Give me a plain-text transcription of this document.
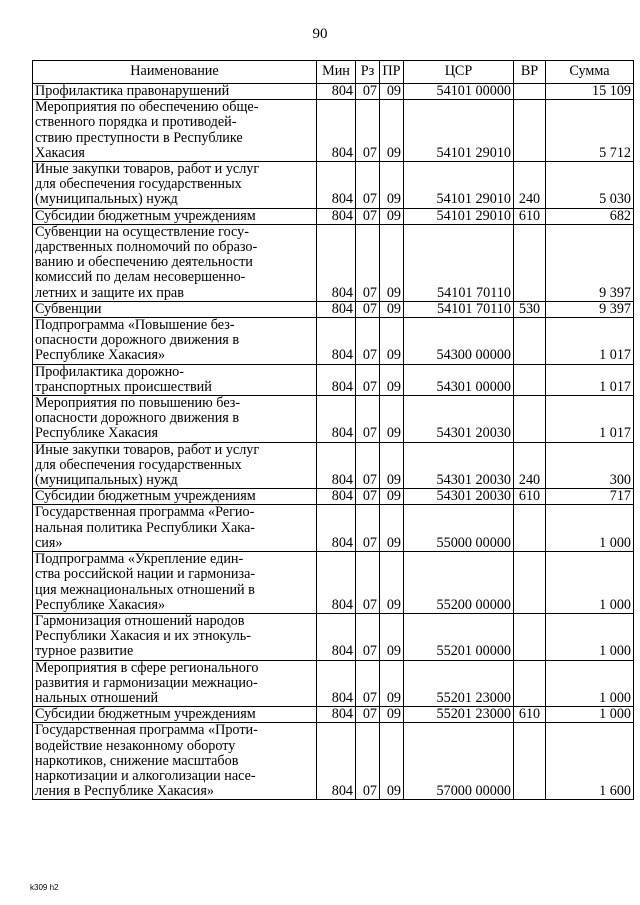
90
Наименование	Мин	Рз	ПР	ЦСР	ВР	Сумма
Профилактика правонарушений	804	07	09	54101 00000		15 109
Мероприятия по обеспечению обще-
ственного порядка и противодей-
ствию преступности в Республике
Хакасия	804	07	09	54101 29010		5 712
Иные закупки товаров, работ и услуг
для обеспечения государственных
(муниципальных) нужд	804	07	09	54101 29010	240	5 030
Субсидии бюджетным учреждениям	804	07	09	54101 29010	610	682
Субвенции на осуществление госу-
дарственных полномочий по образо-
ванию и обеспечению деятельности
комиссий по делам несовершенно-
летних и защите их прав	804	07	09	54101 70110		9 397
Субвенции	804	07	09	54101 70110	530	9 397
Подпрограмма «Повышение без-
опасности дорожного движения в
Республике Хакасия»	804	07	09	54300 00000		1 017
Профилактика дорожно-
транспортных происшествий	804	07	09	54301 00000		1 017
Мероприятия по повышению без-
опасности дорожного движения в
Республике Хакасия	804	07	09	54301 20030		1 017
Иные закупки товаров, работ и услуг
для обеспечения государственных
(муниципальных) нужд	804	07	09	54301 20030	240	300
Субсидии бюджетным учреждениям	804	07	09	54301 20030	610	717
Государственная программа «Регио-
нальная политика Республики Хака-
сия»	804	07	09	55000 00000		1 000
Подпрограмма «Укрепление един-
ства российской нации и гармониза-
ция межнациональных отношений в
Республике Хакасия»	804	07	09	55200 00000		1 000
Гармонизация отношений народов
Республики Хакасия и их этнокуль-
турное развитие	804	07	09	55201 00000		1 000
Мероприятия в сфере регионального
развития и гармонизации межнацио-
нальных отношений	804	07	09	55201 23000		1 000
Субсидии бюджетным учреждениям	804	07	09	55201 23000	610	1 000
Государственная программа «Проти-
водействие незаконному обороту
наркотиков, снижение масштабов
наркотизации и алкоголизации насе-
ления в Республике Хакасия»	804	07	09	57000 00000		1 600
k309 h2
